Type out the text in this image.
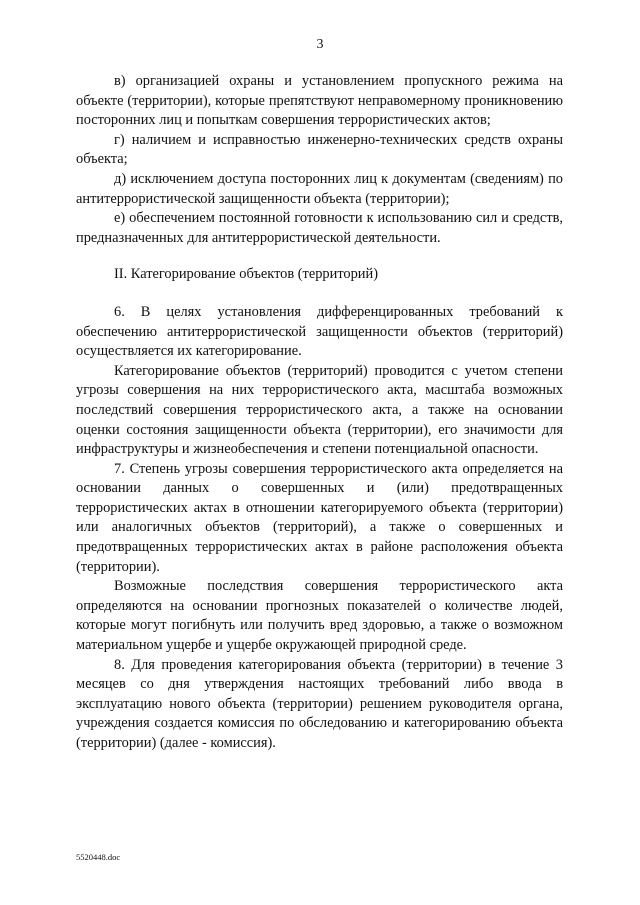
3

в) организацией охраны и установлением пропускного режима на объекте (территории), которые препятствуют неправомерному проникновению посторонних лиц и попыткам совершения террористических актов;

г) наличием и исправностью инженерно-технических средств охраны объекта;

д) исключением доступа посторонних лиц к документам (сведениям) по антитеррористической защищенности объекта (территории);

е) обеспечением постоянной готовности к использованию сил и средств, предназначенных для антитеррористической деятельности.

II. Категорирование объектов (территорий)

6. В целях установления дифференцированных требований к обеспечению антитеррористической защищенности объектов (территорий) осуществляется их категорирование.

Категорирование объектов (территорий) проводится с учетом степени угрозы совершения на них террористического акта, масштаба возможных последствий совершения террористического акта, а также на основании оценки состояния защищенности объекта (территории), его значимости для инфраструктуры и жизнеобеспечения и степени потенциальной опасности.

7. Степень угрозы совершения террористического акта определяется на основании данных о совершенных и (или) предотвращенных террористических актах в отношении категорируемого объекта (территории) или аналогичных объектов (территорий), а также о совершенных и предотвращенных террористических актах в районе расположения объекта (территории).

Возможные последствия совершения террористического акта определяются на основании прогнозных показателей о количестве людей, которые могут погибнуть или получить вред здоровью, а также о возможном материальном ущербе и ущербе окружающей природной среде.

8. Для проведения категорирования объекта (территории) в течение 3 месяцев со дня утверждения настоящих требований либо ввода в эксплуатацию нового объекта (территории) решением руководителя органа, учреждения создается комиссия по обследованию и категорированию объекта (территории) (далее - комиссия).

5520448.doc
